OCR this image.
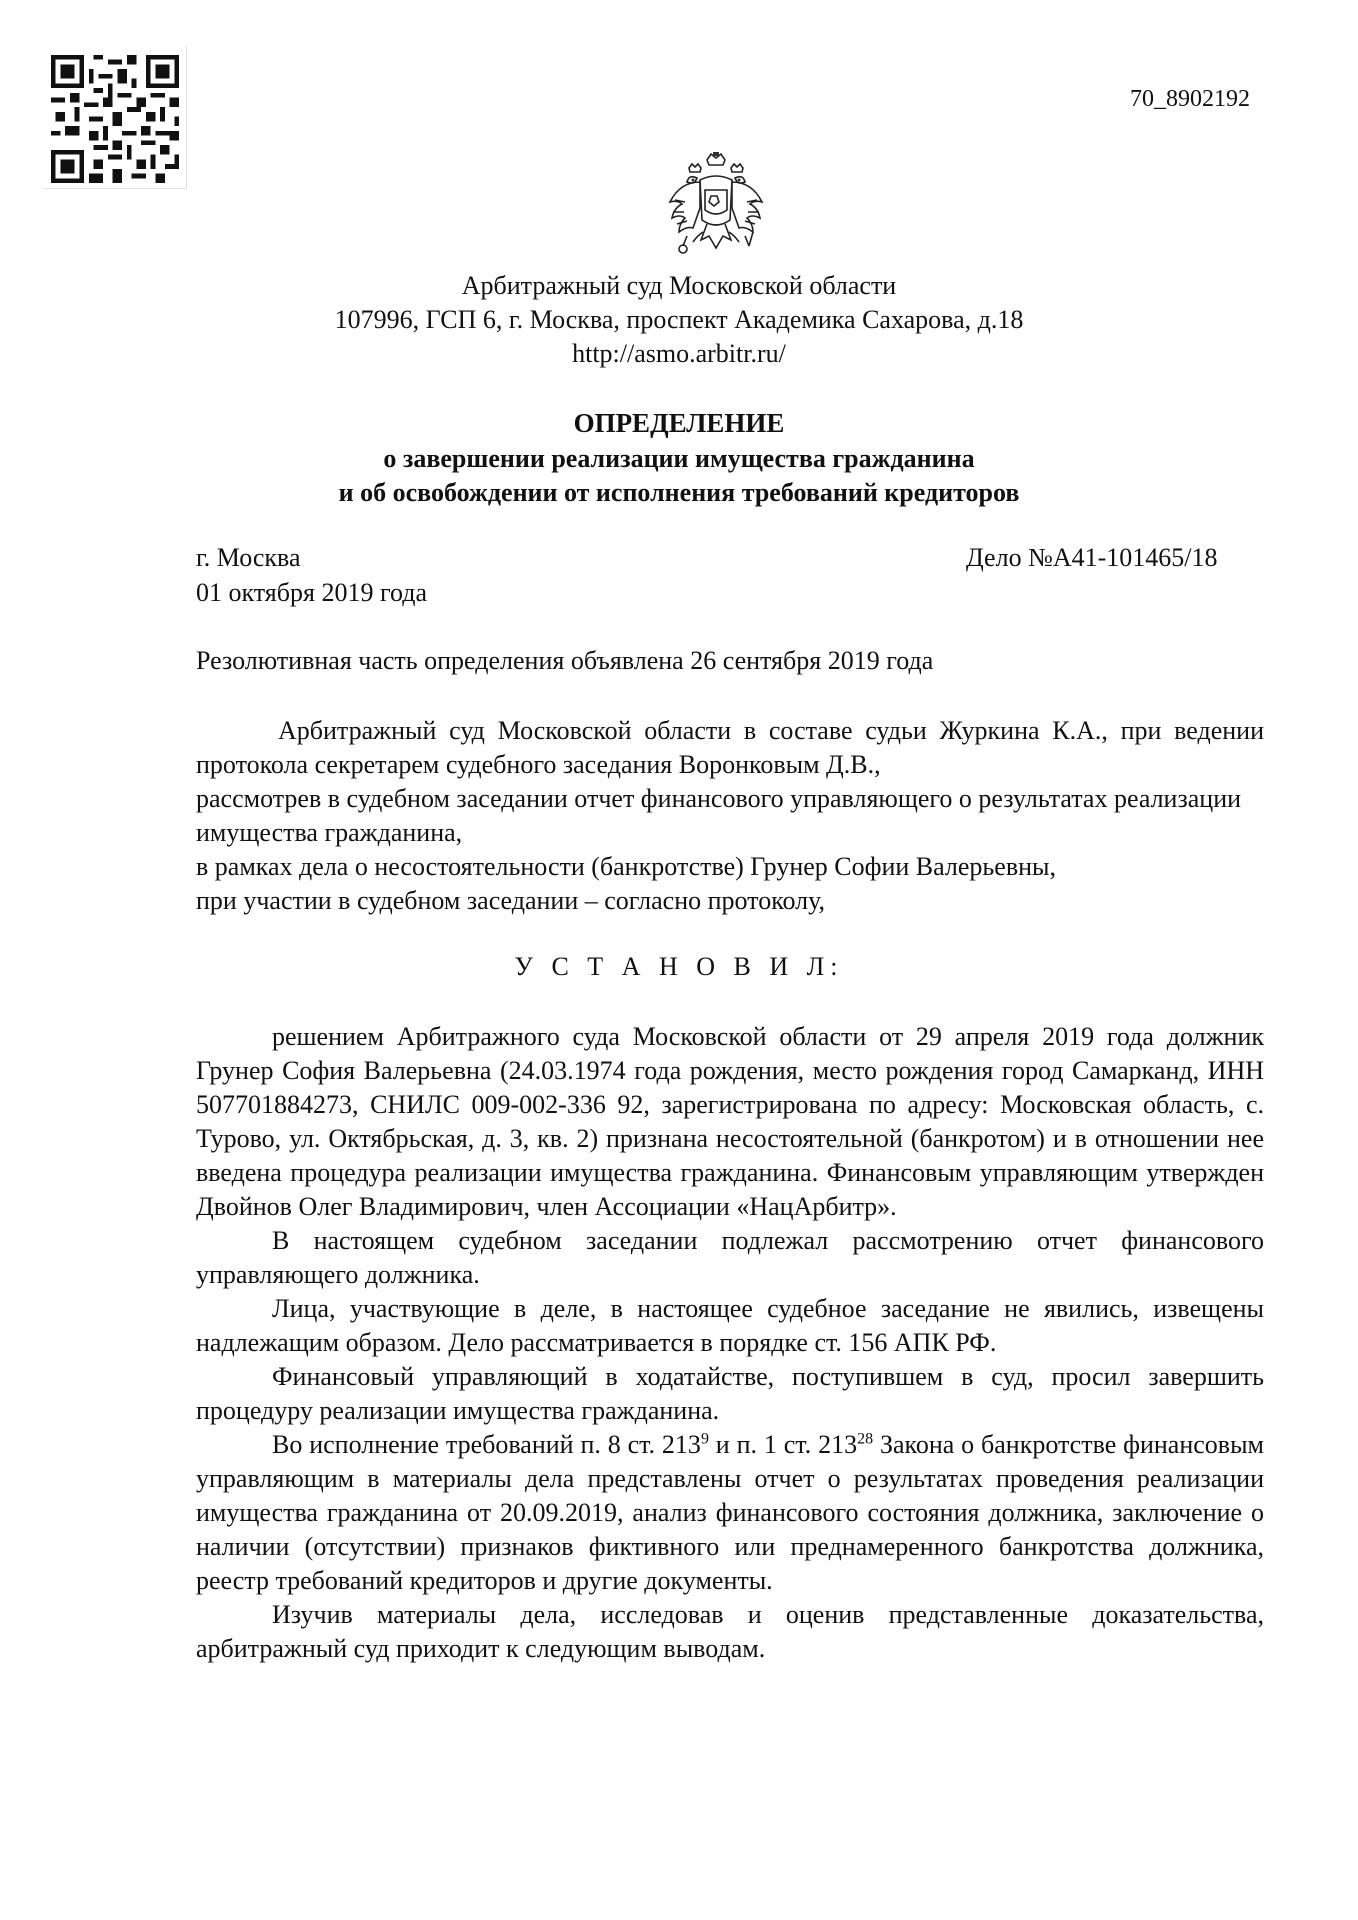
70_8902192
Арбитражный суд Московской области
107996, ГСП 6, г. Москва, проспект Академика Сахарова, д.18
http://asmo.arbitr.ru/
ОПРЕДЕЛЕНИЕ
о завершении реализации имущества гражданина
и об освобождении от исполнения требований кредиторов
г. Москва
01 октября 2019 года
Дело №А41-101465/18
Резолютивная часть определения объявлена 26 сентября 2019 года

Арбитражный суд Московской области в составе судьи Журкина К.А., при ведении протокола секретарем судебного заседания Воронковым Д.В.,

рассмотрев в судебном заседании отчет финансового управляющего о результатах реализации имущества гражданина,

в рамках дела о несостоятельности (банкротстве) Грунер Софии Валерьевны,

при участии в судебном заседании – согласно протоколу,

У С Т А Н О В И Л:

решением Арбитражного суда Московской области от 29 апреля 2019 года должник Грунер София Валерьевна (24.03.1974 года рождения, место рождения город Самарканд, ИНН 507701884273, СНИЛС 009-002-336 92, зарегистрирована по адресу: Московская область, с. Турово, ул. Октябрьская, д. 3, кв. 2) признана несостоятельной (банкротом) и в отношении нее введена процедура реализации имущества гражданина. Финансовым управляющим утвержден Двойнов Олег Владимирович, член Ассоциации «НацАрбитр».

В настоящем судебном заседании подлежал рассмотрению отчет финансового управляющего должника.

Лица, участвующие в деле, в настоящее судебное заседание не явились, извещены надлежащим образом. Дело рассматривается в порядке ст. 156 АПК РФ.

Финансовый управляющий в ходатайстве, поступившем в суд, просил завершить процедуру реализации имущества гражданина.

Во исполнение требований п. 8 ст. $213^9$ и п. 1 ст. $213^{28}$ Закона о банкротстве финансовым управляющим в материалы дела представлены отчет о результатах проведения реализации имущества гражданина от 20.09.2019, анализ финансового состояния должника, заключение о наличии (отсутствии) признаков фиктивного или преднамеренного банкротства должника, реестр требований кредиторов и другие документы.

Изучив материалы дела, исследовав и оценив представленные доказательства, арбитражный суд приходит к следующим выводам.
